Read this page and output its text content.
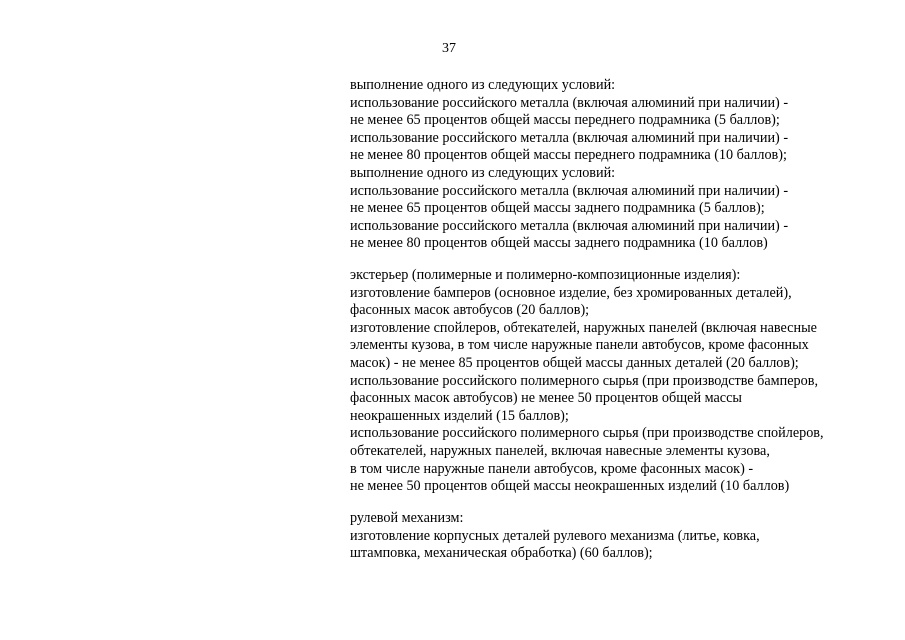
37
выполнение одного из следующих условий:
использование российского металла (включая алюминий при наличии) -
не менее 65 процентов общей массы переднего подрамника (5 баллов);
использование российского металла (включая алюминий при наличии) -
не менее 80 процентов общей массы переднего подрамника (10 баллов);
выполнение одного из следующих условий:
использование российского металла (включая алюминий при наличии) -
не менее 65 процентов общей массы заднего подрамника (5 баллов);
использование российского металла (включая алюминий при наличии) -
не менее 80 процентов общей массы заднего подрамника (10 баллов)
экстерьер (полимерные и полимерно-композиционные изделия):
изготовление бамперов (основное изделие, без хромированных деталей),
фасонных масок автобусов (20 баллов);
изготовление спойлеров, обтекателей, наружных панелей (включая навесные
элементы кузова, в том числе наружные панели автобусов, кроме фасонных
масок) - не менее 85 процентов общей массы данных деталей (20 баллов);
использование российского полимерного сырья (при производстве бамперов,
фасонных масок автобусов) не менее 50 процентов общей массы
неокрашенных изделий (15 баллов);
использование российского полимерного сырья (при производстве спойлеров,
обтекателей, наружных панелей, включая навесные элементы кузова,
в том числе наружные панели автобусов, кроме фасонных масок) -
не менее 50 процентов общей массы неокрашенных изделий (10 баллов)
рулевой механизм:
изготовление корпусных деталей рулевого механизма (литье, ковка,
штамповка, механическая обработка) (60 баллов);
